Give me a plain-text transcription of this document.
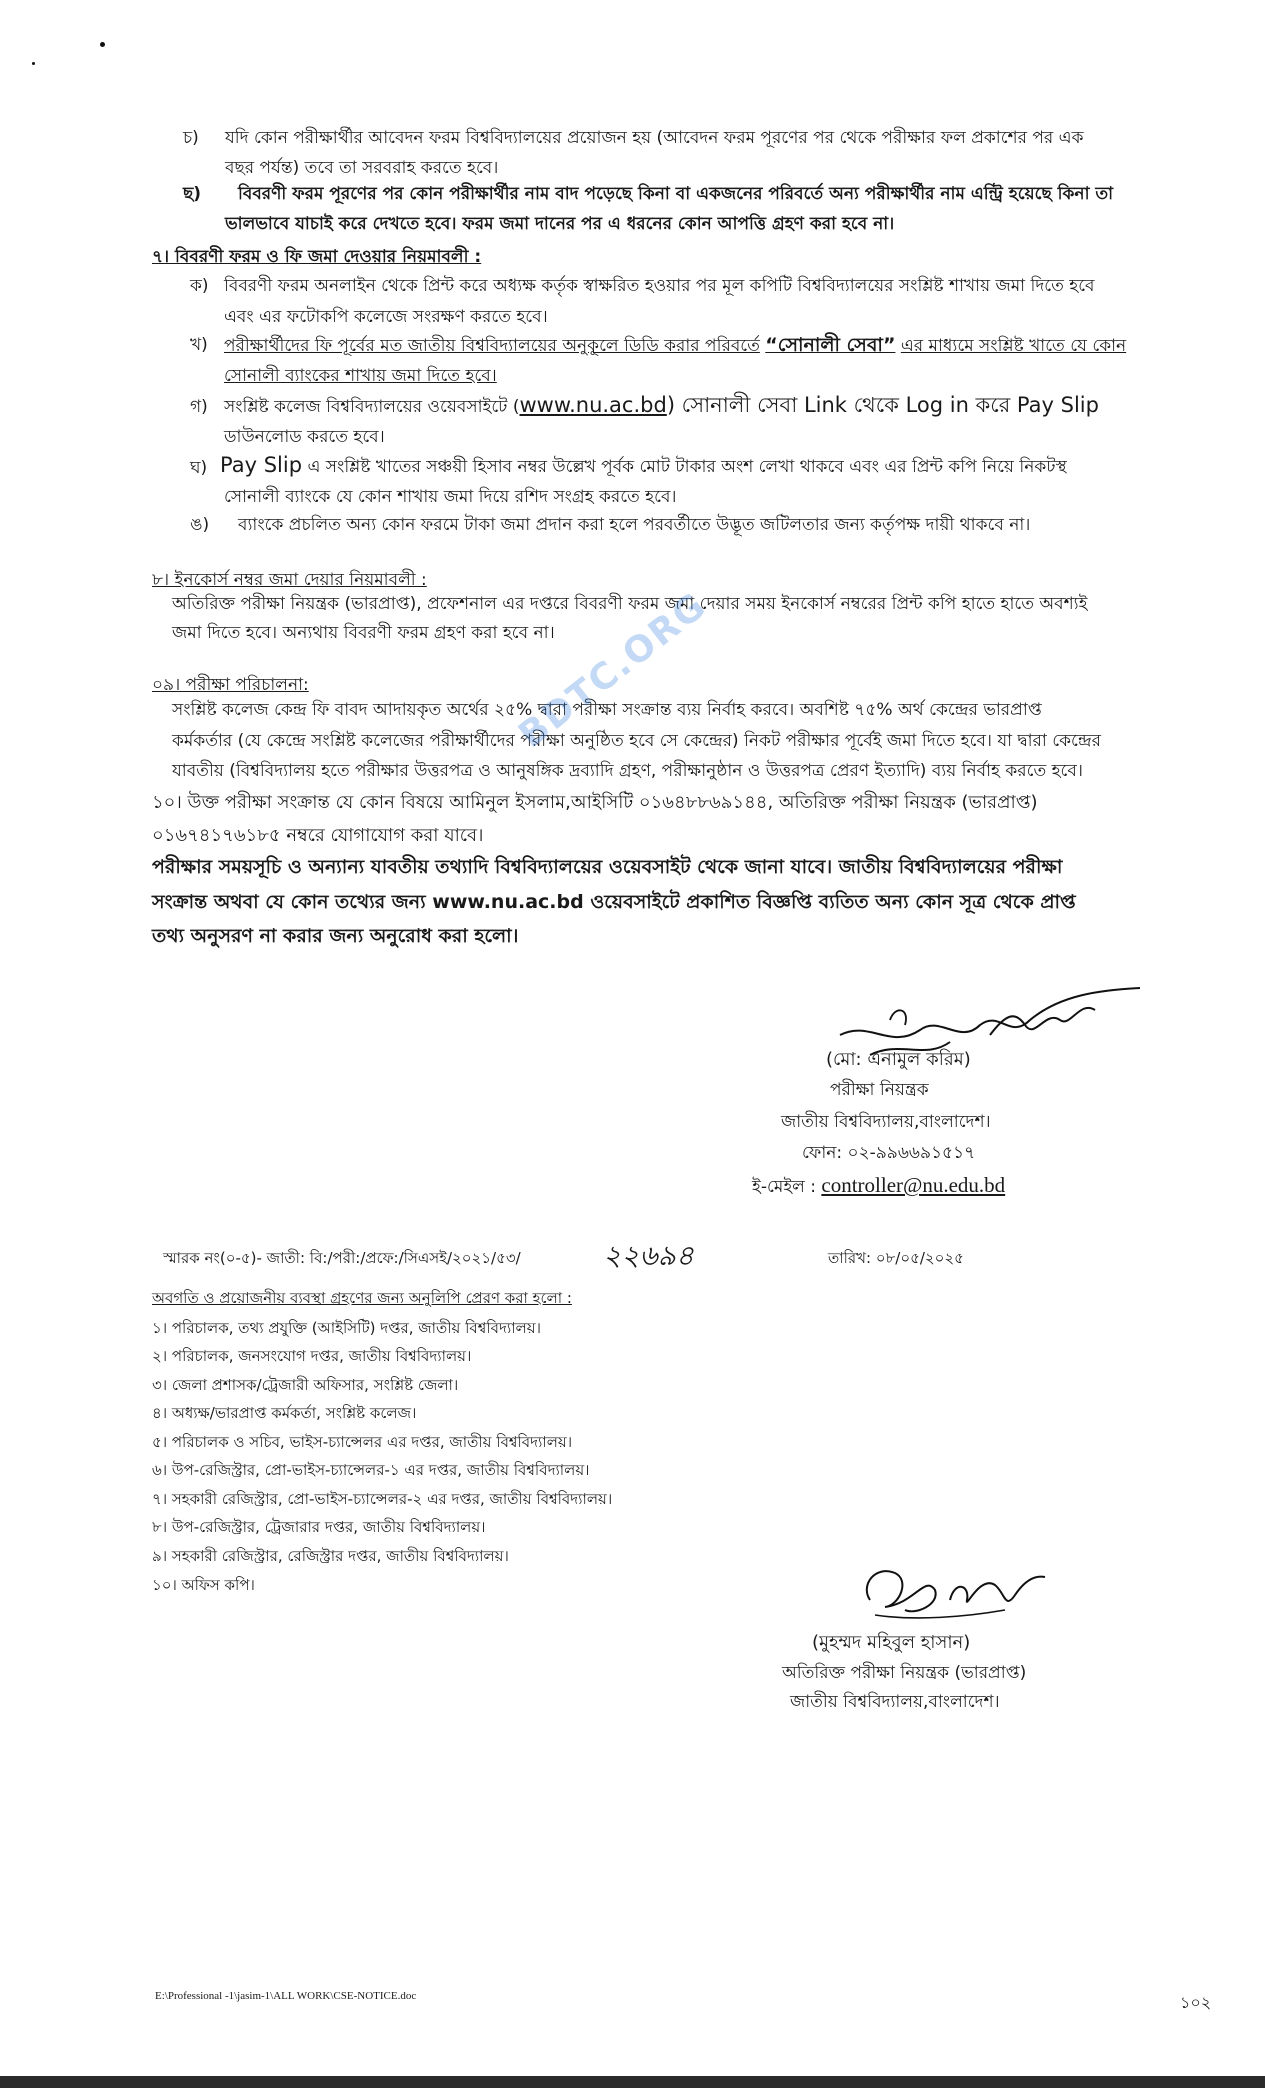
চ) যদি কোন পরীক্ষার্থীর আবেদন ফরম বিশ্ববিদ্যালয়ের প্রয়োজন হয় (আবেদন ফরম পূরণের পর থেকে পরীক্ষার ফল প্রকাশের পর এক
বছর পর্যন্ত) তবে তা সরবরাহ করতে হবে।
ছ) বিবরণী ফরম পূরণের পর কোন পরীক্ষার্থীর নাম বাদ পড়েছে কিনা বা একজনের পরিবর্তে অন্য পরীক্ষার্থীর নাম এন্ট্রি হয়েছে কিনা তা
ভালভাবে যাচাই করে দেখতে হবে। ফরম জমা দানের পর এ ধরনের কোন আপত্তি গ্রহণ করা হবে না।
৭। বিবরণী ফরম ও ফি জমা দেওয়ার নিয়মাবলী :
ক) বিবরণী ফরম অনলাইন থেকে প্রিন্ট করে অধ্যক্ষ কর্তৃক স্বাক্ষরিত হওয়ার পর মূল কপিটি বিশ্ববিদ্যালয়ের সংশ্লিষ্ট শাখায় জমা দিতে হবে
এবং এর ফটোকপি কলেজে সংরক্ষণ করতে হবে।
খ) পরীক্ষার্থীদের ফি পূর্বের মত জাতীয় বিশ্ববিদ্যালয়ের অনুকূলে ডিডি করার পরিবর্তে “সোনালী সেবা” এর মাধ্যমে সংশ্লিষ্ট খাতে যে কোন
সোনালী ব্যাংকের শাখায় জমা দিতে হবে।
গ) সংশ্লিষ্ট কলেজ বিশ্ববিদ্যালয়ের ওয়েবসাইটে (www.nu.ac.bd) সোনালী সেবা Link থেকে Log in করে Pay Slip
ডাউনলোড করতে হবে।
ঘ) Pay Slip এ সংশ্লিষ্ট খাতের সঞ্চয়ী হিসাব নম্বর উল্লেখ পূর্বক মোট টাকার অংশ লেখা থাকবে এবং এর প্রিন্ট কপি নিয়ে নিকটস্থ
সোনালী ব্যাংকে যে কোন শাখায় জমা দিয়ে রশিদ সংগ্রহ করতে হবে।
ঙ) ব্যাংকে প্রচলিত অন্য কোন ফরমে টাকা জমা প্রদান করা হলে পরবর্তীতে উদ্ভূত জটিলতার জন্য কর্তৃপক্ষ দায়ী থাকবে না।
৮। ইনকোর্স নম্বর জমা দেয়ার নিয়মাবলী :
অতিরিক্ত পরীক্ষা নিয়ন্ত্রক (ভারপ্রাপ্ত), প্রফেশনাল এর দপ্তরে বিবরণী ফরম জমা দেয়ার সময় ইনকোর্স নম্বরের প্রিন্ট কপি হাতে হাতে অবশ্যই
জমা দিতে হবে। অন্যথায় বিবরণী ফরম গ্রহণ করা হবে না।
০৯। পরীক্ষা পরিচালনা:
সংশ্লিষ্ট কলেজ কেন্দ্র ফি বাবদ আদায়কৃত অর্থের ২৫% দ্বারা পরীক্ষা সংক্রান্ত ব্যয় নির্বাহ করবে। অবশিষ্ট ৭৫% অর্থ কেন্দ্রের ভারপ্রাপ্ত
কর্মকর্তার (যে কেন্দ্রে সংশ্লিষ্ট কলেজের পরীক্ষার্থীদের পরীক্ষা অনুষ্ঠিত হবে সে কেন্দ্রের) নিকট পরীক্ষার পূর্বেই জমা দিতে হবে। যা দ্বারা কেন্দ্রের
যাবতীয় (বিশ্ববিদ্যালয় হতে পরীক্ষার উত্তরপত্র ও আনুষঙ্গিক দ্রব্যাদি গ্রহণ, পরীক্ষানুষ্ঠান ও উত্তরপত্র প্রেরণ ইত্যাদি) ব্যয় নির্বাহ করতে হবে।
১০। উক্ত পরীক্ষা সংক্রান্ত যে কোন বিষয়ে আমিনুল ইসলাম,আইসিটি ০১৬৪৮৮৬৯১৪৪, অতিরিক্ত পরীক্ষা নিয়ন্ত্রক (ভারপ্রাপ্ত)
০১৬৭৪১৭৬১৮৫ নম্বরে যোগাযোগ করা যাবে।
পরীক্ষার সময়সূচি ও অন্যান্য যাবতীয় তথ্যাদি বিশ্ববিদ্যালয়ের ওয়েবসাইট থেকে জানা যাবে। জাতীয় বিশ্ববিদ্যালয়ের পরীক্ষা
সংক্রান্ত অথবা যে কোন তথ্যের জন্য www.nu.ac.bd ওয়েবসাইটে প্রকাশিত বিজ্ঞপ্তি ব্যতিত অন্য কোন সূত্র থেকে প্রাপ্ত
তথ্য অনুসরণ না করার জন্য অনুরোধ করা হলো।
BDTC.ORG
(মো: এনামুল করিম)
পরীক্ষা নিয়ন্ত্রক
জাতীয় বিশ্ববিদ্যালয়,বাংলাদেশ।
ফোন: ০২-৯৯৬৬৯১৫১৭
ই-মেইল : controller@nu.edu.bd
স্মারক নং(০-৫)- জাতী: বি:/পরী:/প্রফে:/সিএসই/২০২১/৫৩/	২২৬৯৪	তারিখ: ০৮/০৫/২০২৫
অবগতি ও প্রয়োজনীয় ব্যবস্থা গ্রহণের জন্য অনুলিপি প্রেরণ করা হলো :
১। পরিচালক, তথ্য প্রযুক্তি (আইসিটি) দপ্তর, জাতীয় বিশ্ববিদ্যালয়।
২। পরিচালক, জনসংযোগ দপ্তর, জাতীয় বিশ্ববিদ্যালয়।
৩। জেলা প্রশাসক/ট্রেজারী অফিসার, সংশ্লিষ্ট জেলা।
৪। অধ্যক্ষ/ভারপ্রাপ্ত কর্মকর্তা, সংশ্লিষ্ট কলেজ।
৫। পরিচালক ও সচিব, ভাইস-চ্যান্সেলর এর দপ্তর, জাতীয় বিশ্ববিদ্যালয়।
৬। উপ-রেজিস্ট্রার, প্রো-ভাইস-চ্যান্সেলর-১ এর দপ্তর, জাতীয় বিশ্ববিদ্যালয়।
৭। সহকারী রেজিস্ট্রার, প্রো-ভাইস-চ্যান্সেলর-২ এর দপ্তর, জাতীয় বিশ্ববিদ্যালয়।
৮। উপ-রেজিস্ট্রার, ট্রেজারার দপ্তর, জাতীয় বিশ্ববিদ্যালয়।
৯। সহকারী রেজিস্ট্রার, রেজিস্ট্রার দপ্তর, জাতীয় বিশ্ববিদ্যালয়।
১০। অফিস কপি।
(মুহম্মদ মহিবুল হাসান)
অতিরিক্ত পরীক্ষা নিয়ন্ত্রক (ভারপ্রাপ্ত)
জাতীয় বিশ্ববিদ্যালয়,বাংলাদেশ।
E:\Professional -1\jasim-1\ALL WORK\CSE-NOTICE.doc	১০২
